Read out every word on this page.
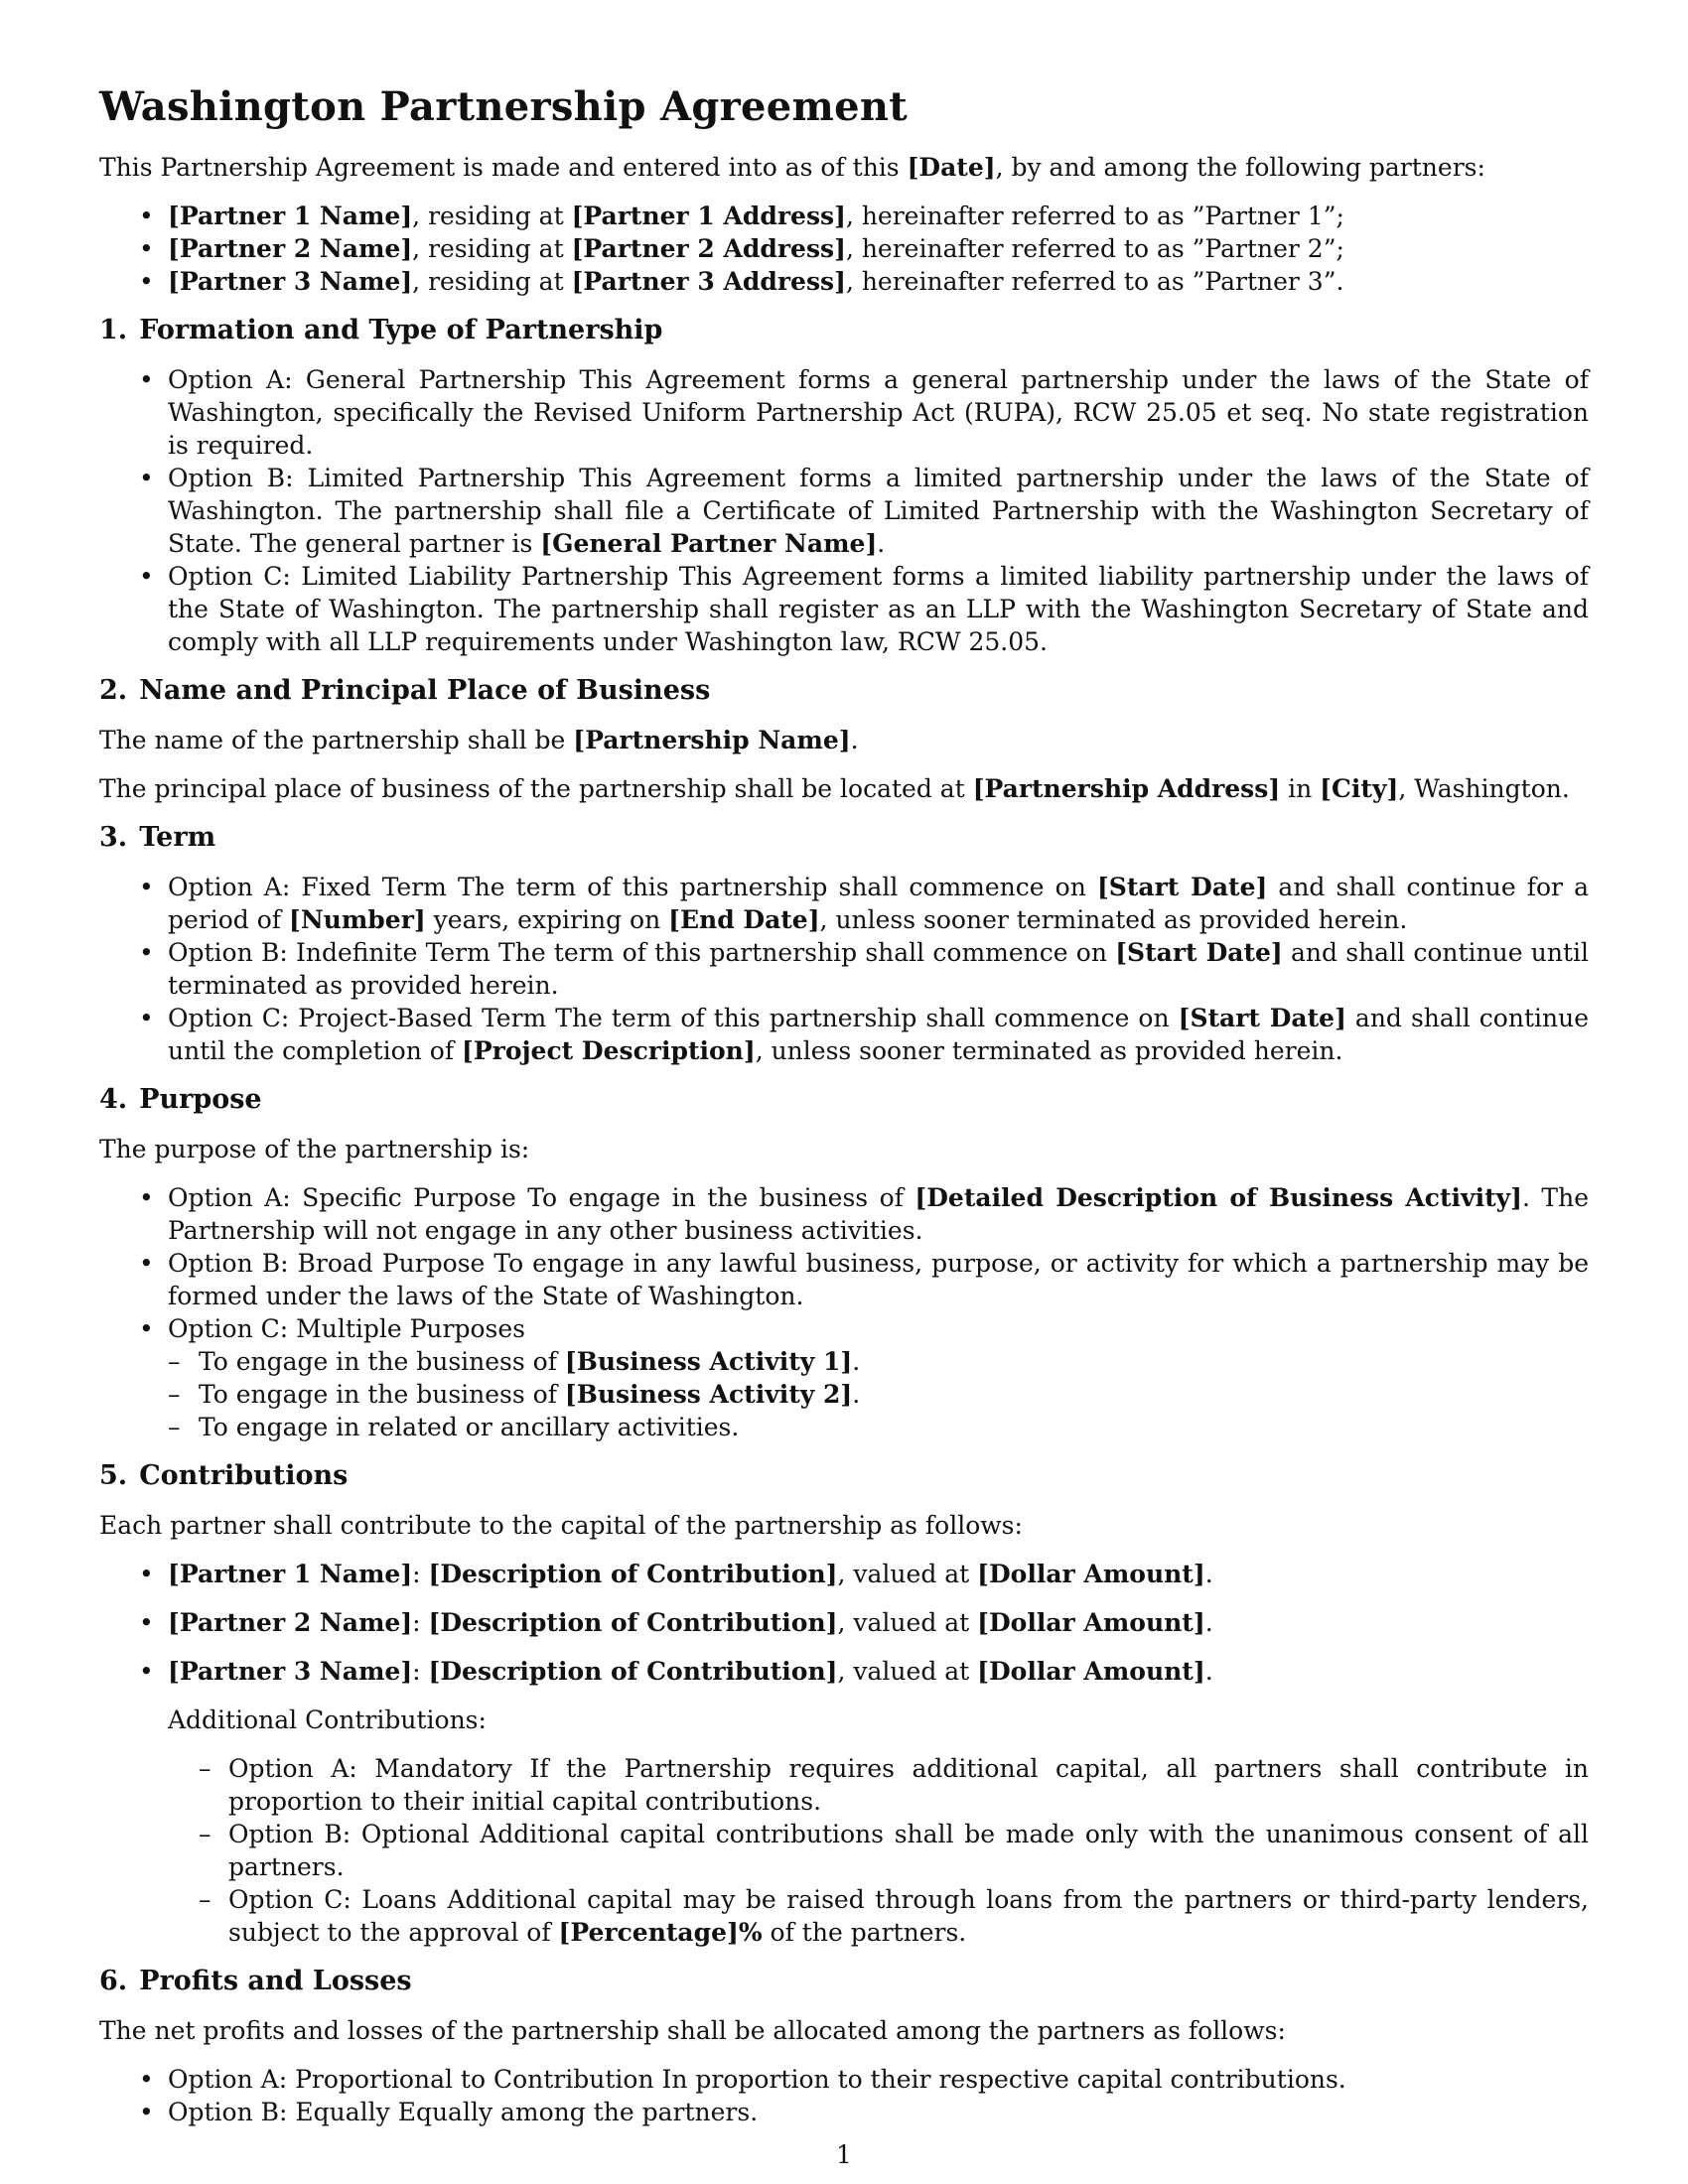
Washington Partnership Agreement

This Partnership Agreement is made and entered into as of this [Date], by and among the following partners:

• [Partner 1 Name], residing at [Partner 1 Address], hereinafter referred to as ”Partner 1”;
• [Partner 2 Name], residing at [Partner 2 Address], hereinafter referred to as ”Partner 2”;
• [Partner 3 Name], residing at [Partner 3 Address], hereinafter referred to as ”Partner 3”.
1. Formation and Type of Partnership
• Option A: General Partnership This Agreement forms a general partnership under the laws of the State of Washington, specifically the Revised Uniform Partnership Act (RUPA), RCW 25.05 et seq. No state registration is required.
• Option B: Limited Partnership This Agreement forms a limited partnership under the laws of the State of Washington. The partnership shall file a Certificate of Limited Partnership with the Washington Secretary of State. The general partner is [General Partner Name].
• Option C: Limited Liability Partnership This Agreement forms a limited liability partnership under the laws of the State of Washington. The partnership shall register as an LLP with the Washington Secretary of State and comply with all LLP requirements under Washington law, RCW 25.05.
2. Name and Principal Place of Business

The name of the partnership shall be [Partnership Name].

The principal place of business of the partnership shall be located at [Partnership Address] in [City], Washington.

3. Term
• Option A: Fixed Term The term of this partnership shall commence on [Start Date] and shall continue for a period of [Number] years, expiring on [End Date], unless sooner terminated as provided herein.
• Option B: Indefinite Term The term of this partnership shall commence on [Start Date] and shall continue until terminated as provided herein.
• Option C: Project-Based Term The term of this partnership shall commence on [Start Date] and shall continue until the completion of [Project Description], unless sooner terminated as provided herein.
4. Purpose

The purpose of the partnership is:

• Option A: Specific Purpose To engage in the business of [Detailed Description of Business Activity]. The Partnership will not engage in any other business activities.
• Option B: Broad Purpose To engage in any lawful business, purpose, or activity for which a partnership may be formed under the laws of the State of Washington.
• Option C: Multiple Purposes
– To engage in the business of [Business Activity 1].
– To engage in the business of [Business Activity 2].
– To engage in related or ancillary activities.
5. Contributions

Each partner shall contribute to the capital of the partnership as follows:

• [Partner 1 Name]: [Description of Contribution], valued at [Dollar Amount].
• [Partner 2 Name]: [Description of Contribution], valued at [Dollar Amount].
• [Partner 3 Name]: [Description of Contribution], valued at [Dollar Amount].

Additional Contributions:

– Option A: Mandatory If the Partnership requires additional capital, all partners shall contribute in proportion to their initial capital contributions.
– Option B: Optional Additional capital contributions shall be made only with the unanimous consent of all partners.
– Option C: Loans Additional capital may be raised through loans from the partners or third-party lenders, subject to the approval of [Percentage]% of the partners.
6. Profits and Losses

The net profits and losses of the partnership shall be allocated among the partners as follows:

• Option A: Proportional to Contribution In proportion to their respective capital contributions.
• Option B: Equally Equally among the partners.
1
